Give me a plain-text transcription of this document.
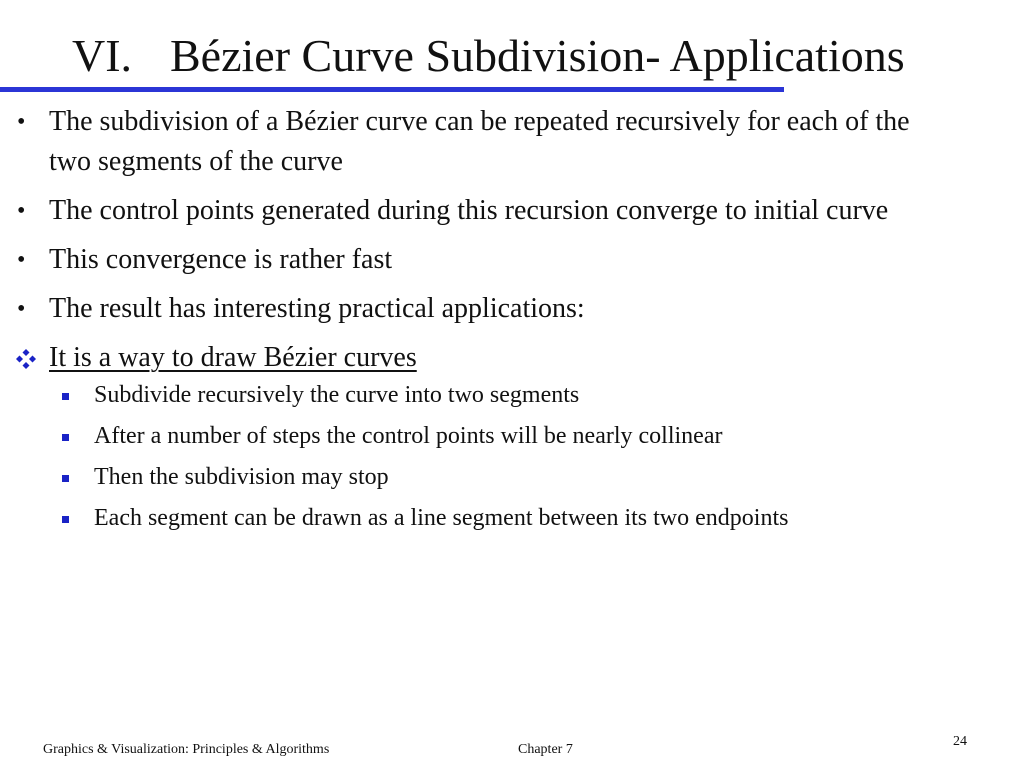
VI. Bézier Curve Subdivision- Applications
• The subdivision of a Bézier curve can be repeated recursively for each of the two segments of the curve
• The control points generated during this recursion converge to initial curve
• This convergence is rather fast
• The result has interesting practical applications:
It is a way to draw Bézier curves
Subdivide recursively the curve into two segments
After a number of steps the control points will be nearly collinear
Then the subdivision may stop
Each segment can be drawn as a line segment between its two endpoints
Graphics & Visualization: Principles & Algorithms	Chapter 7
24
